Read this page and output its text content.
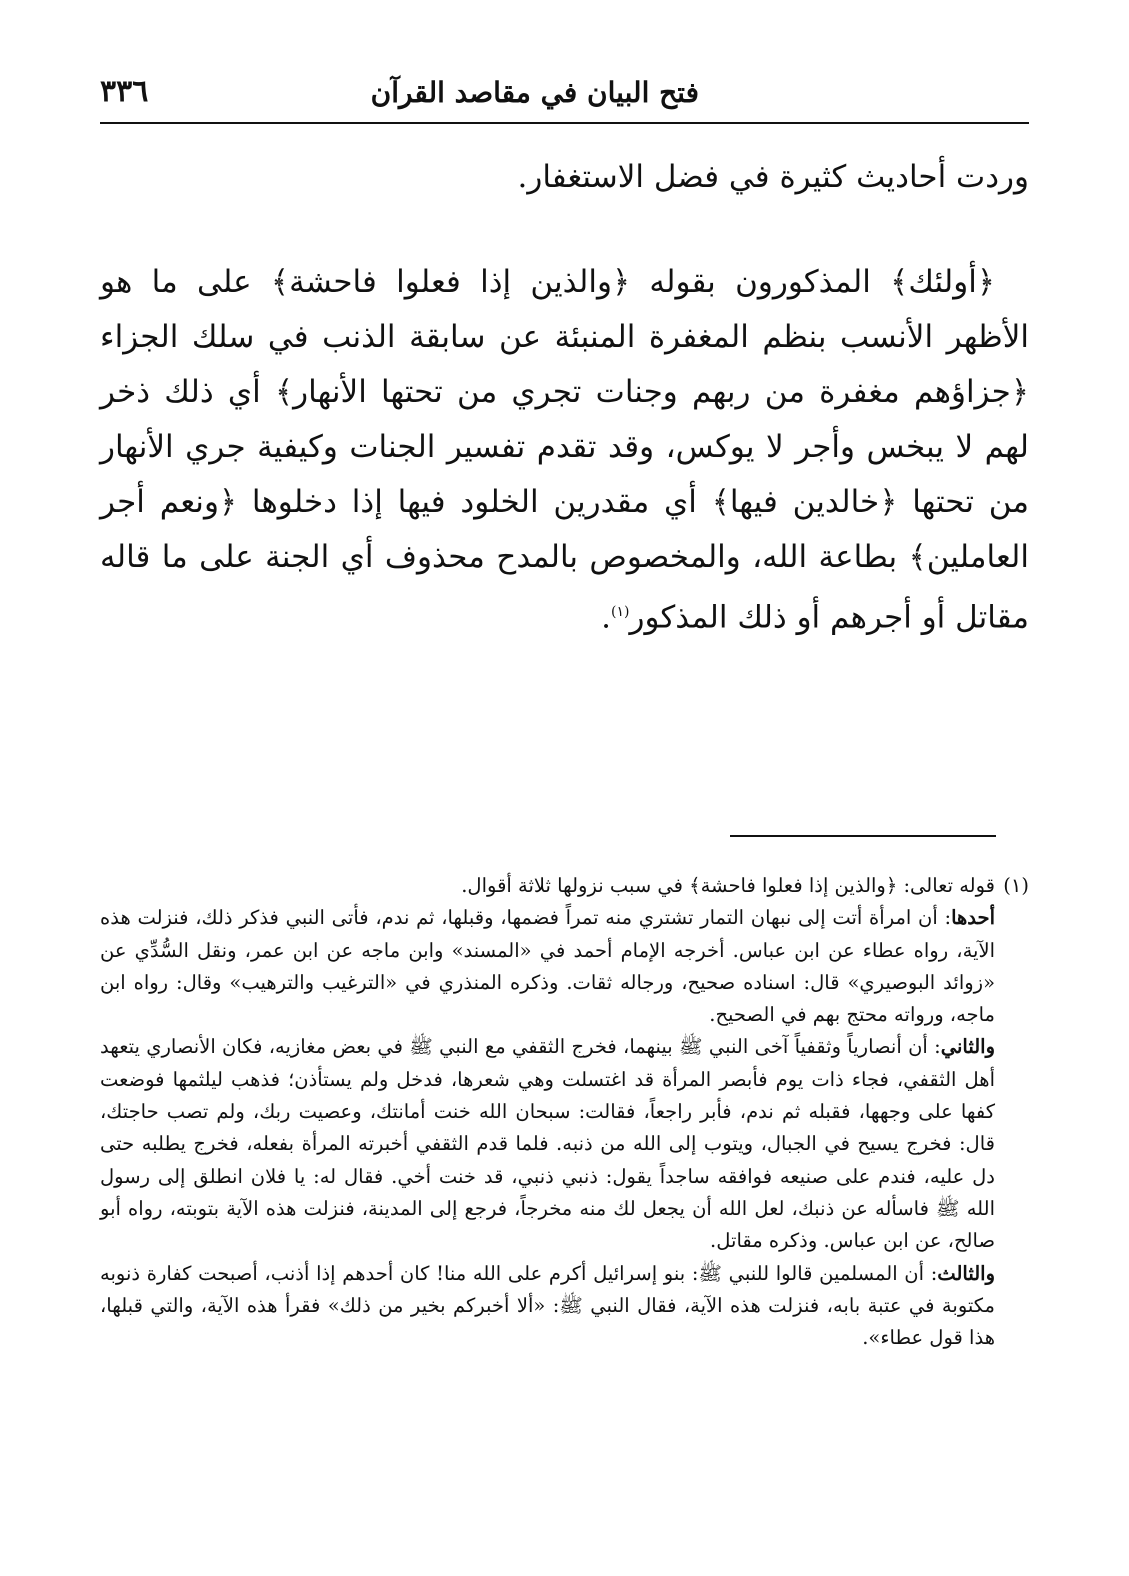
٣٣٦	فتح البيان في مقاصد القرآن

وردت أحاديث كثيرة في فضل الاستغفار.

﴿أولئك﴾ المذكورون بقوله ﴿والذين إذا فعلوا فاحشة﴾ على ما هو الأظهر الأنسب بنظم المغفرة المنبئة عن سابقة الذنب في سلك الجزاء ﴿جزاؤهم مغفرة من ربهم وجنات تجري من تحتها الأنهار﴾ أي ذلك ذخر لهم لا يبخس وأجر لا يوكس، وقد تقدم تفسير الجنات وكيفية جري الأنهار من تحتها ﴿خالدين فيها﴾ أي مقدرين الخلود فيها إذا دخلوها ﴿ونعم أجر العاملين﴾ بطاعة الله، والمخصوص بالمدح محذوف أي الجنة على ما قاله مقاتل أو أجرهم أو ذلك المذكور$^{(١)}$.

(١)قوله تعالى: ﴿والذين إذا فعلوا فاحشة﴾ في سبب نزولها ثلاثة أقوال.

أحدها: أن امرأة أتت إلى نبهان التمار تشتري منه تمراً فضمها، وقبلها، ثم ندم، فأتى النبي فذكر ذلك، فنزلت هذه الآية، رواه عطاء عن ابن عباس. أخرجه الإمام أحمد في «المسند» وابن ماجه عن ابن عمر، ونقل السُّدِّي عن «زوائد البوصيري» قال: اسناده صحيح، ورجاله ثقات. وذكره المنذري في «الترغيب والترهيب» وقال: رواه ابن ماجه، ورواته محتج بهم في الصحيح.

والثاني: أن أنصارياً وثقفياً آخى النبي ﷺ بينهما، فخرج الثقفي مع النبي ﷺ في بعض مغازيه، فكان الأنصاري يتعهد أهل الثقفي، فجاء ذات يوم فأبصر المرأة قد اغتسلت وهي شعرها، فدخل ولم يستأذن؛ فذهب ليلثمها فوضعت كفها على وجهها، فقبله ثم ندم، فأبر راجعاً، فقالت: سبحان الله خنت أمانتك، وعصيت ربك، ولم تصب حاجتك، قال: فخرج يسيح في الجبال، ويتوب إلى الله من ذنبه. فلما قدم الثقفي أخبرته المرأة بفعله، فخرج يطلبه حتى دل عليه، فندم على صنيعه فوافقه ساجداً يقول: ذنبي ذنبي، قد خنت أخي. فقال له: يا فلان انطلق إلى رسول الله ﷺ فاسأله عن ذنبك، لعل الله أن يجعل لك منه مخرجاً، فرجع إلى المدينة، فنزلت هذه الآية بتوبته، رواه أبو صالح، عن ابن عباس. وذكره مقاتل.

والثالث: أن المسلمين قالوا للنبي ﷺ: بنو إسرائيل أكرم على الله منا! كان أحدهم إذا أذنب، أصبحت كفارة ذنوبه مكتوبة في عتبة بابه، فنزلت هذه الآية، فقال النبي ﷺ: «ألا أخبركم بخير من ذلك» فقرأ هذه الآية، والتي قبلها، هذا قول عطاء».
